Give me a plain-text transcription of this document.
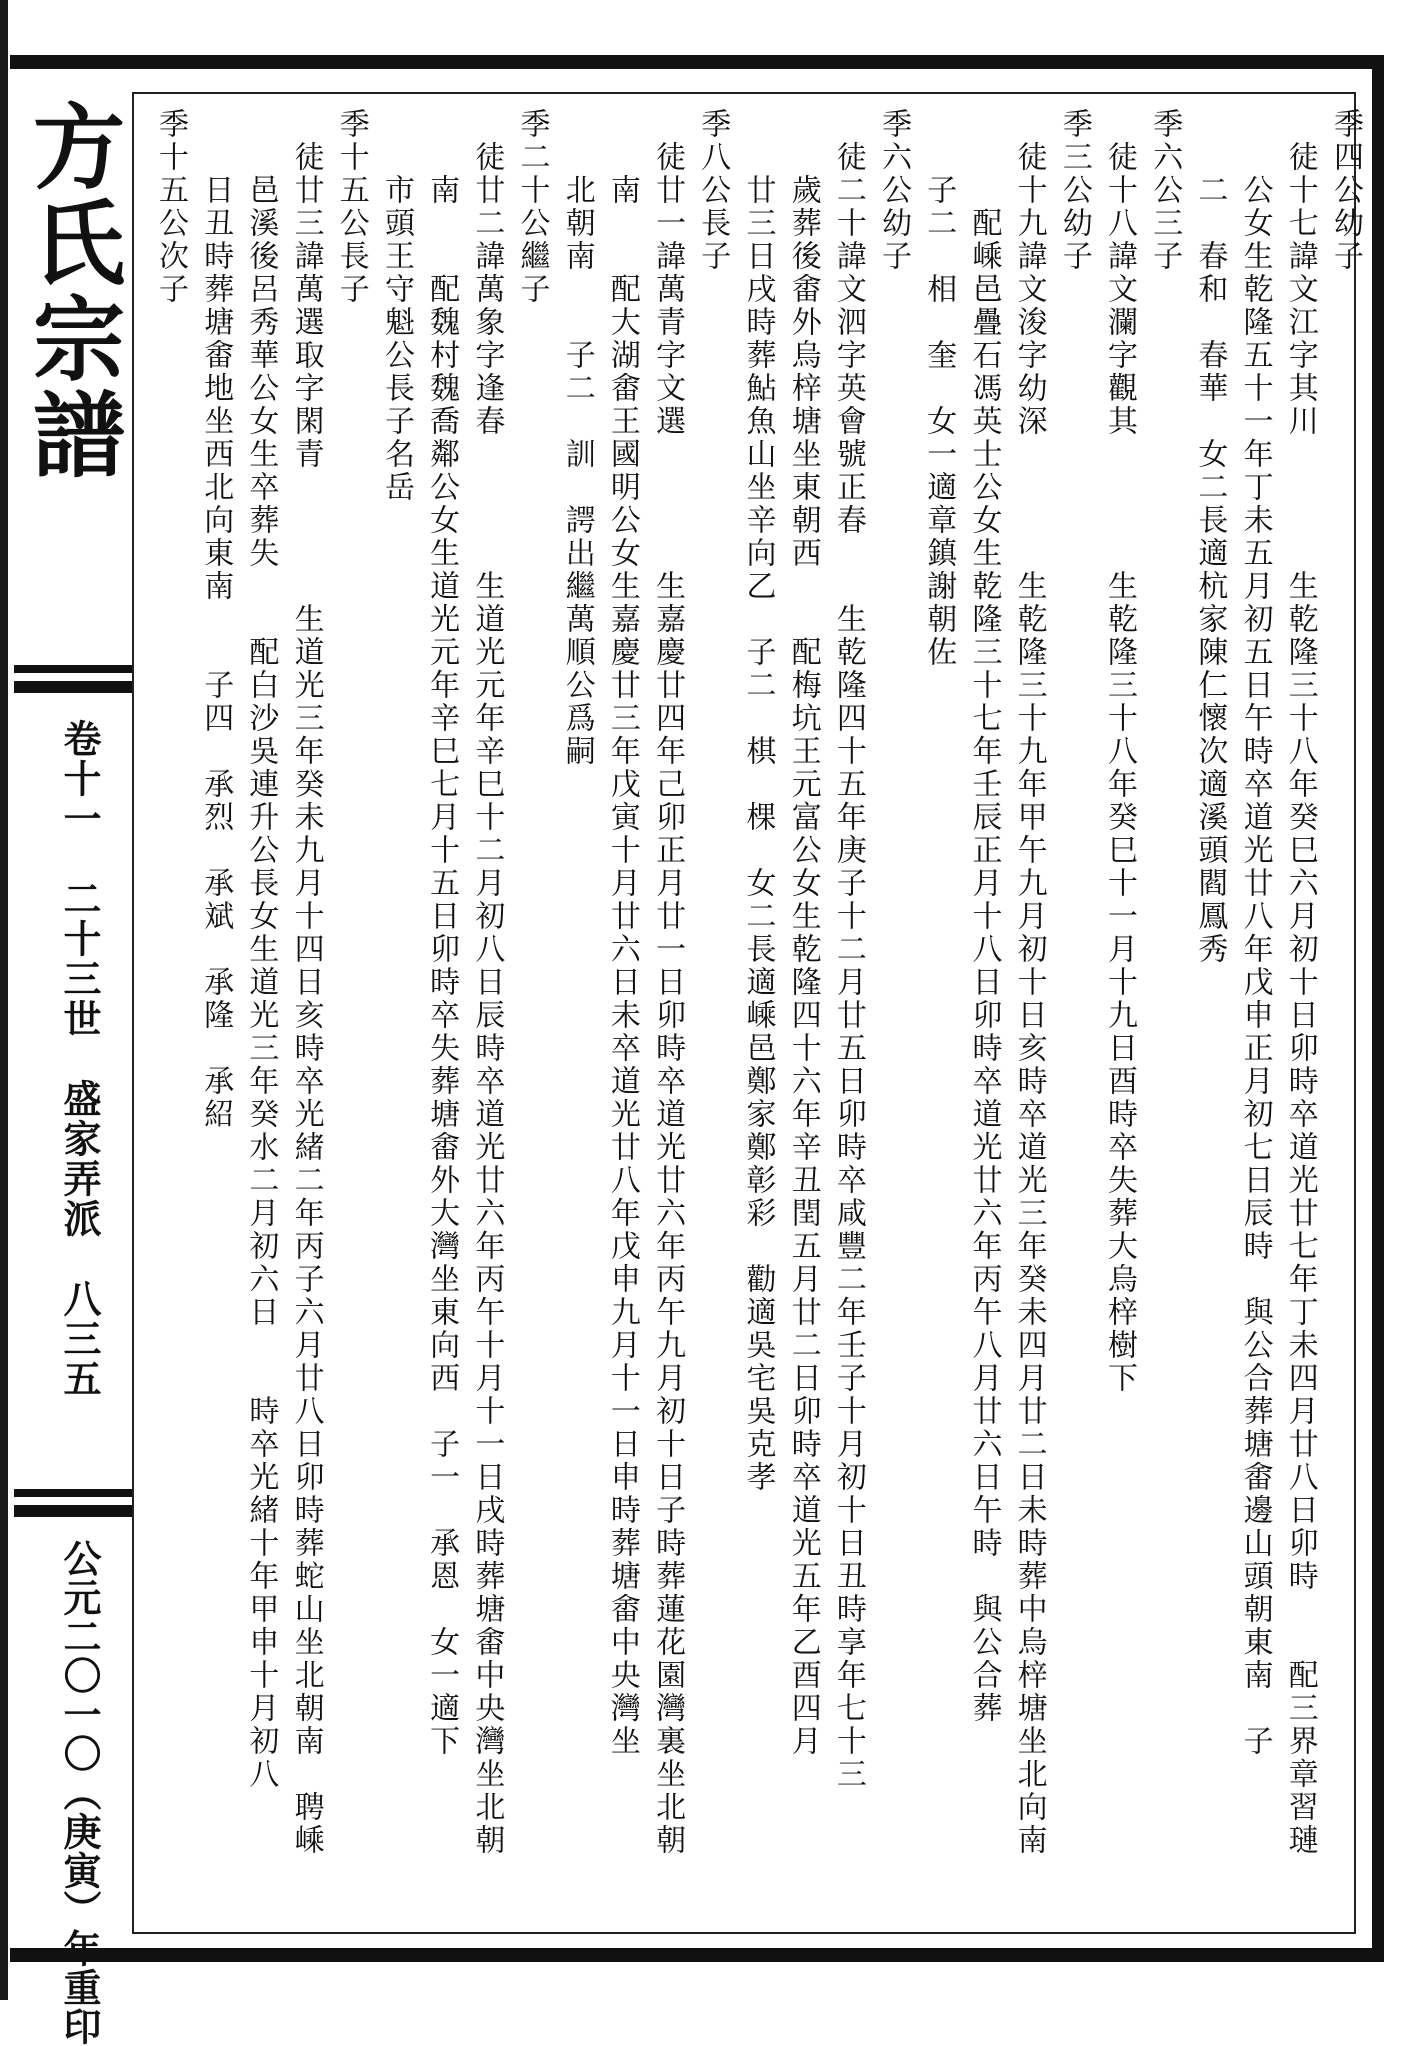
方氏宗譜
卷十一　二十三世　盛家弄派　八三五
公元二〇一〇（庚寅）年重印
季四公幼子
　徒十七諱文江字其川　　　　生乾隆三十八年癸巳六月初十日卯時卒道光廿七年丁未四月廿八日卯時　　配三界章習璉
　　公女生乾隆五十一年丁未五月初五日午時卒道光廿八年戊申正月初七日辰時　與公合葬塘畬邊山頭朝東南　子
　　二　春和　春華　女二長適杭家陳仁懷次適溪頭閻鳳秀
季六公三子
　徒十八諱文瀾字觀其　　　　生乾隆三十八年癸巳十一月十九日酉時卒失葬大烏梓樹下
季三公幼子
　徒十九諱文浚字幼深　　　　生乾隆三十九年甲午九月初十日亥時卒道光三年癸未四月廿二日未時葬中烏梓塘坐北向南
　　　配嵊邑疊石馮英士公女生乾隆三十七年壬辰正月十八日卯時卒道光廿六年丙午八月廿六日午時　與公合葬
　　子二　相　奎　女一適章鎮謝朝佐
季六公幼子
　徒二十諱文泗字英會號正春　　生乾隆四十五年庚子十二月廿五日卯時卒咸豐二年壬子十月初十日丑時享年七十三
　　歲葬後畬外烏梓塘坐東朝西　　配梅坑王元富公女生乾隆四十六年辛丑閏五月廿二日卯時卒道光五年乙酉四月
　　廿三日戌時葬鮎魚山坐辛向乙　子二　棋　棵　女二長適嵊邑鄭家鄭彰彩　勸適吳宅吳克孝
季八公長子
　徒廿一諱萬青字文選　　　　生嘉慶廿四年己卯正月廿一日卯時卒道光廿六年丙午九月初十日子時葬蓮花園灣裏坐北朝
　　南　　配大湖畬王國明公女生嘉慶廿三年戊寅十月廿六日未卒道光廿八年戊申九月十一日申時葬塘畬中央灣坐
　　北朝南　　子二　訓　諤出繼萬順公爲嗣
季二十公繼子
　徒廿二諱萬象字逢春　　　　生道光元年辛巳十二月初八日辰時卒道光廿六年丙午十月十一日戌時葬塘畬中央灣坐北朝
　　南　　配魏村魏喬鄰公女生道光元年辛巳七月十五日卯時卒失葬塘畬外大灣坐東向西　子一　承恩　女一適下
　　市頭王守魁公長子名岳
季十五公長子
　徒廿三諱萬選取字閑青　　　　生道光三年癸未九月十四日亥時卒光緒二年丙子六月廿八日卯時葬蛇山坐北朝南　聘嵊
　　邑溪後呂秀華公女生卒葬失　　配白沙吳連升公長女生道光三年癸水二月初六日　　時卒光緒十年甲申十月初八
　　日丑時葬塘畬地坐西北向東南　　子四　承烈　承斌　承隆　承紹
季十五公次子
